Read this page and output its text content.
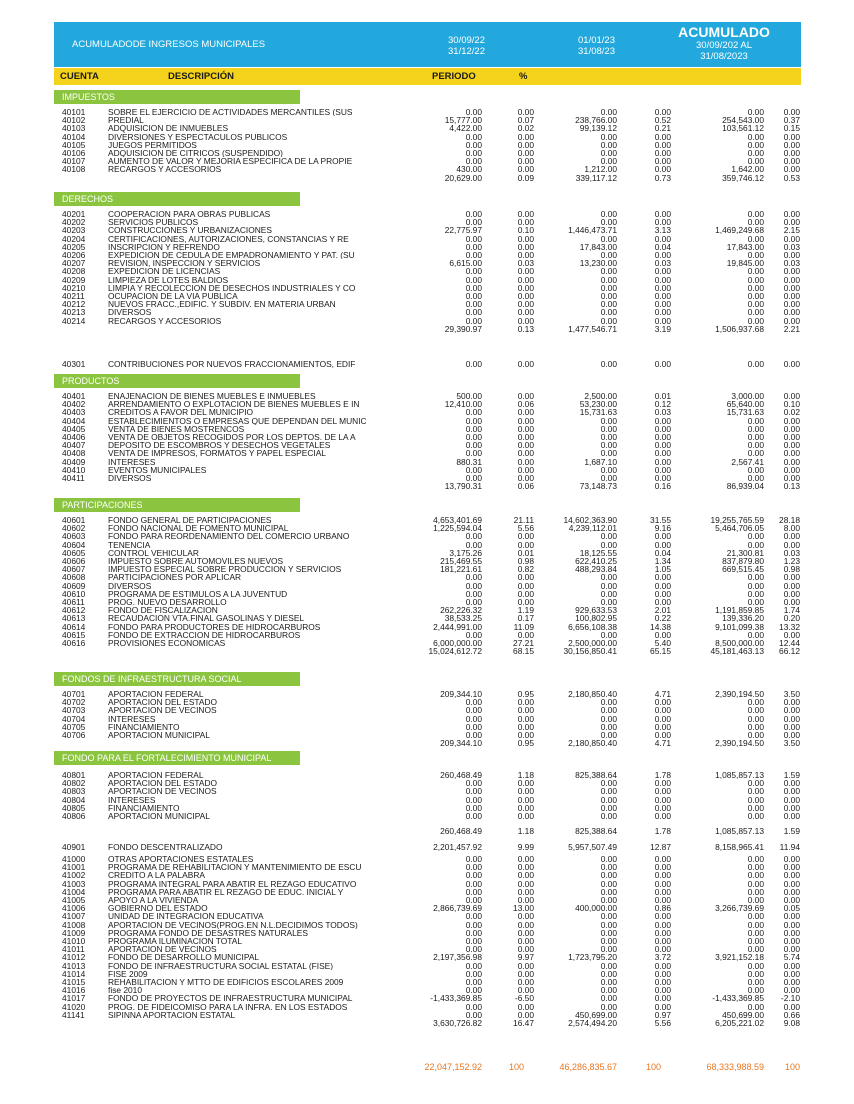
ACUMULADODE INGRESOS MUNICIPALES	30/09/22
31/12/22
01/01/23
31/08/23
ACUMULADO
30/09/202 AL
31/08/2023
CUENTA	DESCRIPCIÓN	PERIODO	%
IMPUESTOS
40101	SOBRE EL EJERCICIO DE ACTIVIDADES MERCANTILES (SUS	0.00	0.00	0.00	0.00	0.00 0.00
40102	PREDIAL	15,777.00	0.07	238,766.00	0.52	254,543.00 0.37
40103	ADQUISICION DE INMUEBLES	4,422.00	0.02	99,139.12	0.21	103,561.12 0.15
40104	DIVERSIONES Y ESPECTACULOS PUBLICOS	0.00	0.00	0.00	0.00	0.00 0.00
40105	JUEGOS PERMITIDOS	0.00	0.00	0.00	0.00	0.00 0.00
40106	ADQUISICION DE CITRICOS (SUSPENDIDO)	0.00	0.00	0.00	0.00	0.00 0.00
40107	AUMENTO DE VALOR Y MEJORIA ESPECIFICA DE LA PROPIE	0.00	0.00	0.00	0.00	0.00 0.00
40108	RECARGOS Y ACCESORIOS	430.00	0.00	1,212.00	0.00	1,642.00 0.00
20,629.00	0.09	339,117.12	0.73	359,746.12 0.53
DERECHOS
40201	COOPERACION PARA OBRAS PUBLICAS	0.00	0.00	0.00	0.00	0.00 0.00
40202	SERVICIOS PUBLICOS	0.00	0.00	0.00	0.00	0.00 0.00
40203	CONSTRUCCIONES Y URBANIZACIONES	22,775.97	0.10	1,446,473.71	3.13	1,469,249.68 2.15
40204	CERTIFICACIONES, AUTORIZACIONES, CONSTANCIAS Y RE	0.00	0.00	0.00	0.00	0.00 0.00
40205	INSCRIPCION Y REFRENDO	0.00	0.00	17,843.00	0.04	17,843.00 0.03
40206	EXPEDICION DE CEDULA DE EMPADRONAMIENTO Y PAT. (SU	0.00	0.00	0.00	0.00	0.00 0.00
40207	REVISION, INSPECCION Y SERVICIOS	6,615.00	0.03	13,230.00	0.03	19,845.00 0.03
40208	EXPEDICION DE LICENCIAS	0.00	0.00	0.00	0.00	0.00 0.00
40209	LIMPIEZA DE LOTES BALDIOS	0.00	0.00	0.00	0.00	0.00 0.00
40210	LIMPIA Y RECOLECCION DE DESECHOS INDUSTRIALES Y CO	0.00	0.00	0.00	0.00	0.00 0.00
40211	OCUPACION DE LA VIA PUBLICA	0.00	0.00	0.00	0.00	0.00 0.00
40212	NUEVOS FRACC.,EDIFIC. Y SUBDIV. EN MATERIA URBAN	0.00	0.00	0.00	0.00	0.00 0.00
40213	DIVERSOS	0.00	0.00	0.00	0.00	0.00 0.00
40214	RECARGOS Y ACCESORIOS	0.00	0.00	0.00	0.00	0.00 0.00
29,390.97	0.13	1,477,546.71	3.19	1,506,937.68 2.21
40301	CONTRIBUCIONES POR NUEVOS FRACCIONAMIENTOS, EDIF	0.00	0.00	0.00	0.00	0.00 0.00
PRODUCTOS
40401	ENAJENACION DE BIENES MUEBLES E INMUEBLES	500.00	0.00	2,500.00	0.01	3,000.00 0.00
40402	ARRENDAMIENTO O EXPLOTACION DE BIENES MUEBLES E IN	12,410.00	0.06	53,230.00	0.12	65,640.00 0.10
40403	CREDITOS A FAVOR DEL MUNICIPIO	0.00	0.00	15,731.63	0.03	15,731.63 0.02
40404	ESTABLECIMIENTOS O EMPRESAS QUE DEPENDAN DEL MUNIC	0.00	0.00	0.00	0.00	0.00 0.00
40405	VENTA DE BIENES MOSTRENCOS	0.00	0.00	0.00	0.00	0.00 0.00
40406	VENTA DE OBJETOS RECOGIDOS POR LOS DEPTOS. DE LA A	0.00	0.00	0.00	0.00	0.00 0.00
40407	DEPOSITO DE ESCOMBROS Y DESECHOS VEGETALES	0.00	0.00	0.00	0.00	0.00 0.00
40408	VENTA DE IMPRESOS, FORMATOS Y PAPEL ESPECIAL	0.00	0.00	0.00	0.00	0.00 0.00
40409	INTERESES	880.31	0.00	1,687.10	0.00	2,567.41 0.00
40410	EVENTOS MUNICIPALES	0.00	0.00	0.00	0.00	0.00 0.00
40411	DIVERSOS	0.00	0.00	0.00	0.00	0.00 0.00
13,790.31	0.06	73,148.73	0.16	86,939.04 0.13
PARTICIPACIONES
40601	FONDO GENERAL DE PARTICIPACIONES	4,653,401.69	21.11	14,602,363.90	31.55	19,255,765.59 28.18
40602	FONDO NACIONAL DE FOMENTO MUNICIPAL	1,225,594.04	5.56	4,239,112.01	9.16	5,464,706.05 8.00
40603	FONDO PARA REORDENAMIENTO DEL COMERCIO URBANO	0.00	0.00	0.00	0.00	0.00 0.00
40604	TENENCIA	0.00	0.00	0.00	0.00	0.00 0.00
40605	CONTROL VEHICULAR	3,175.26	0.01	18,125.55	0.04	21,300.81 0.03
40606	IMPUESTO SOBRE AUTOMOVILES NUEVOS	215,469.55	0.98	622,410.25	1.34	837,879.80 1.23
40607	IMPUESTO ESPECIAL SOBRE PRODUCCION Y SERVICIOS	181,221.61	0.82	488,293.84	1.05	669,515.45 0.98
40608	PARTICIPACIONES POR APLICAR	0.00	0.00	0.00	0.00	0.00 0.00
40609	DIVERSOS	0.00	0.00	0.00	0.00	0.00 0.00
40610	PROGRAMA DE ESTIMULOS A LA JUVENTUD	0.00	0.00	0.00	0.00	0.00 0.00
40611	PROG. NUEVO DESARROLLO	0.00	0.00	0.00	0.00	0.00 0.00
40612	FONDO DE FISCALIZACION	262,226.32	1.19	929,633.53	2.01	1,191,859.85 1.74
40613	RECAUDACION VTA.FINAL GASOLINAS Y DIESEL	38,533.25	0.17	100,802.95	0.22	139,336.20 0.20
40614	FONDO PARA PRODUCTORES DE HIDROCARBUROS	2,444,991.00	11.09	6,656,108.38	14.38	9,101,099.38 13.32
40615	FONDO DE EXTRACCION DE HIDROCARBUROS	0.00	0.00	0.00	0.00	0.00 0.00
40616	PROVISIONES ECONOMICAS	6,000,000.00	27.21	2,500,000.00	5.40	8,500,000.00 12.44
15,024,612.72	68.15	30,156,850.41	65.15	45,181,463.13 66.12
FONDOS DE INFRAESTRUCTURA SOCIAL
40701	APORTACION FEDERAL	209,344.10	0.95	2,180,850.40	4.71	2,390,194.50 3.50
40702	APORTACION DEL ESTADO	0.00	0.00	0.00	0.00	0.00 0.00
40703	APORTACION DE VECINOS	0.00	0.00	0.00	0.00	0.00 0.00
40704	INTERESES	0.00	0.00	0.00	0.00	0.00 0.00
40705	FINANCIAMIENTO	0.00	0.00	0.00	0.00	0.00 0.00
40706	APORTACION MUNICIPAL	0.00	0.00	0.00	0.00	0.00 0.00
209,344.10	0.95	2,180,850.40	4.71	2,390,194.50 3.50
FONDO PARA EL FORTALECIMIENTO MUNICIPAL
40801	APORTACION FEDERAL	260,468.49	1.18	825,388.64	1.78	1,085,857.13 1.59
40802	APORTACION DEL ESTADO	0.00	0.00	0.00	0.00	0.00 0.00
40803	APORTACION DE VECINOS	0.00	0.00	0.00	0.00	0.00 0.00
40804	INTERESES	0.00	0.00	0.00	0.00	0.00 0.00
40805	FINANCIAMIENTO	0.00	0.00	0.00	0.00	0.00 0.00
40806	APORTACION MUNICIPAL	0.00	0.00	0.00	0.00	0.00 0.00
260,468.49	1.18	825,388.64	1.78	1,085,857.13 1.59
40901	FONDO DESCENTRALIZADO	2,201,457.92	9.99	5,957,507.49	12.87	8,158,965.41 11.94
41000	OTRAS APORTACIONES ESTATALES	0.00	0.00	0.00	0.00	0.00 0.00
41001	PROGRAMA DE REHABILITACION Y MANTENIMIENTO DE ESCU	0.00	0.00	0.00	0.00	0.00 0.00
41002	CREDITO A LA PALABRA	0.00	0.00	0.00	0.00	0.00 0.00
41003	PROGRAMA INTEGRAL PARA ABATIR EL REZAGO EDUCATIVO	0.00	0.00	0.00	0.00	0.00 0.00
41004	PROGRAMA PARA ABATIR EL REZAGO DE EDUC. INICIAL Y	0.00	0.00	0.00	0.00	0.00 0.00
41005	APOYO A LA VIVIENDA	0.00	0.00	0.00	0.00	0.00 0.00
41006	GOBIERNO DEL ESTADO	2,866,739.69	13.00	400,000.00	0.86	3,266,739.69 0.05
41007	UNIDAD DE INTEGRACION EDUCATIVA	0.00	0.00	0.00	0.00	0.00 0.00
41008	APORTACION DE VECINOS(PROG.EN N.L.DECIDIMOS TODOS)	0.00	0.00	0.00	0.00	0.00 0.00
41009	PROGRAMA FONDO DE DESASTRES NATURALES	0.00	0.00	0.00	0.00	0.00 0.00
41010	PROGRAMA ILUMINACION TOTAL	0.00	0.00	0.00	0.00	0.00 0.00
41011	APORTACION DE VECINOS	0.00	0.00	0.00	0.00	0.00 0.00
41012	FONDO DE DESARROLLO MUNICIPAL	2,197,356.98	9.97	1,723,795.20	3.72	3,921,152.18 5.74
41013	FONDO DE INFRAESTRUCTURA SOCIAL ESTATAL (FISE)	0.00	0.00	0.00	0.00	0.00 0.00
41014	FISE 2009	0.00	0.00	0.00	0.00	0.00 0.00
41015	REHABILITACION Y MTTO DE EDIFICIOS ESCOLARES 2009	0.00	0.00	0.00	0.00	0.00 0.00
41016	fise 2010	0.00	0.00	0.00	0.00	0.00 0.00
41017	FONDO DE PROYECTOS DE INFRAESTRUCTURA MUNICIPAL	-1,433,369.85	-6.50	0.00	0.00	-1,433,369.85 -2.10
41020	PROG. DE FIDEICOMISO PARA LA INFRA. EN LOS ESTADOS	0.00	0.00	0.00	0.00	0.00 0.00
41141	SIPINNA APORTACION ESTATAL	0.00	0.00	450,699.00	0.97	450,699.00 0.66
3,630,726.82	16.47	2,574,494.20	5.56	6,205,221.02 9.08
22,047,152.92	100	46,286,835.67	100	68,333,988.59 100
